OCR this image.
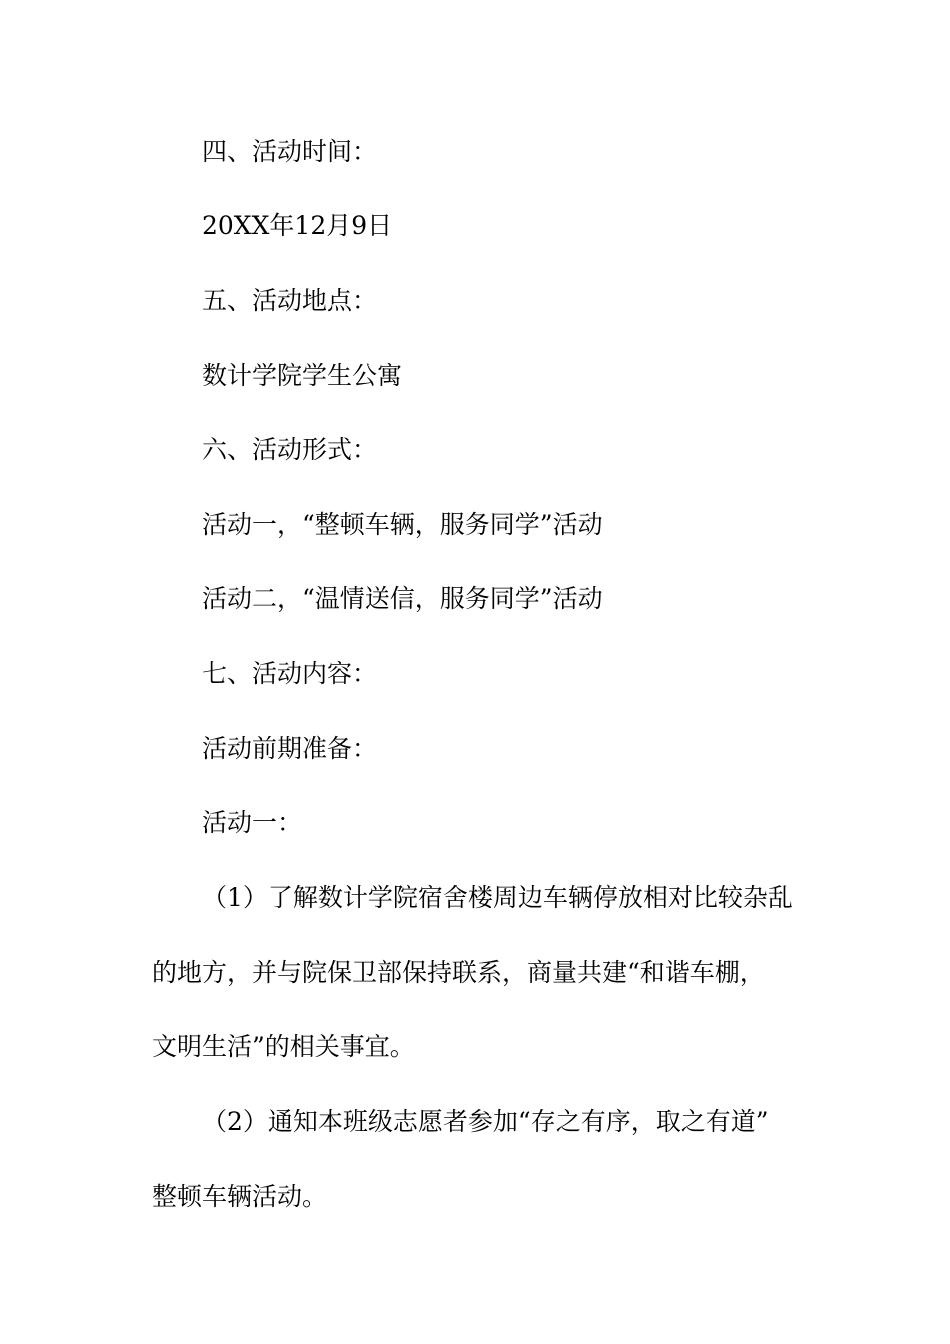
四、活动时间：
20XX年12月9日
五、活动地点：
数计学院学生公寓
六、活动形式：
活动一，“整顿车辆，服务同学”活动
活动二，“温情送信，服务同学”活动
七、活动内容：
活动前期准备：
活动一：
（1）了解数计学院宿舍楼周边车辆停放相对比较杂乱
的地方，并与院保卫部保持联系，商量共建“和谐车棚，
文明生活”的相关事宜。
（2）通知本班级志愿者参加“存之有序，取之有道”
整顿车辆活动。
